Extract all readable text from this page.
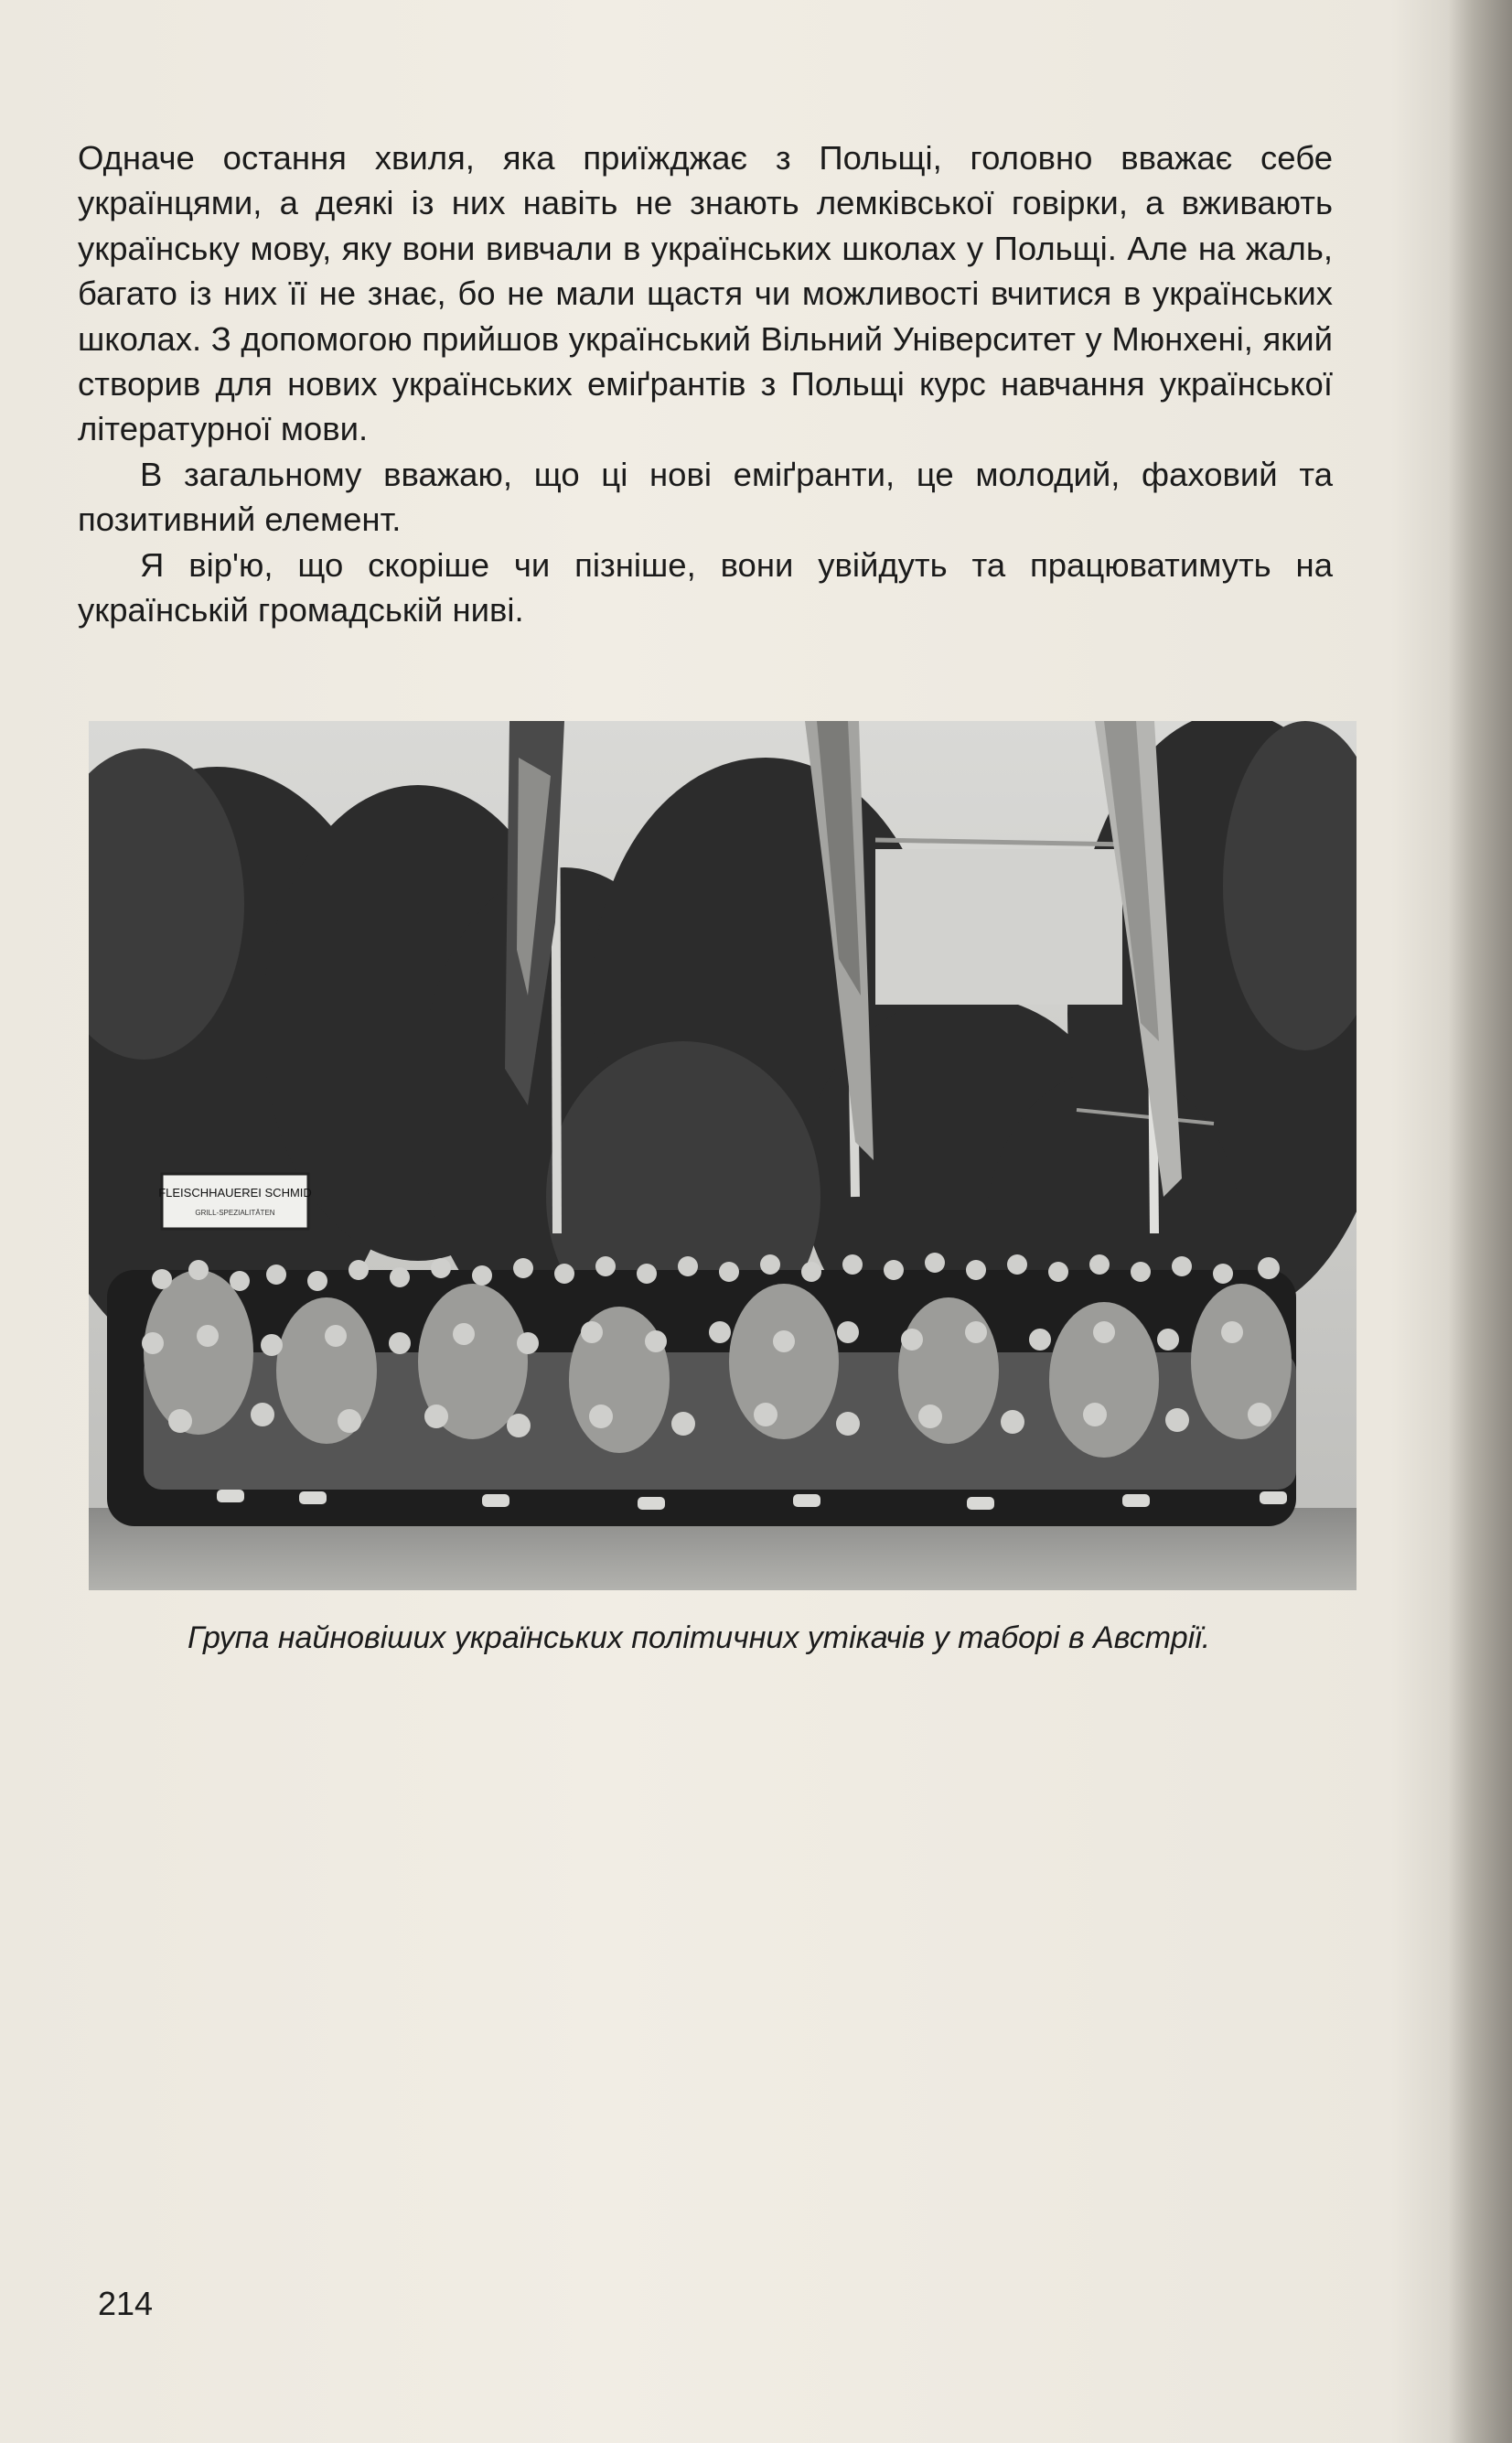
Одначе остання хвиля, яка приїжджає з Польщі, головно вважає себе українцями, а деякі із них навіть не знають лемківської говірки, а вживають українську мову, яку вони вивчали в українських школах у Польщі. Але на жаль, багато із них її не знає, бо не мали щастя чи можливості вчитися в українських школах. З допомогою прийшов український Вільний Університет у Мюнхені, який створив для нових українських еміґрантів з Польщі курс навчання української літературної мови.

В загальному вважаю, що ці нові еміґранти, це молодий, фаховий та позитивний елемент.

Я вір'ю, що скоріше чи пізніше, вони увійдуть та працюватимуть на українській громадській ниві.

FLEISCHHAUEREI SCHMID
GRILL-SPEZIALITÄTEN
Група найновіших українських політичних утікачів у таборі в Австрії.
214
